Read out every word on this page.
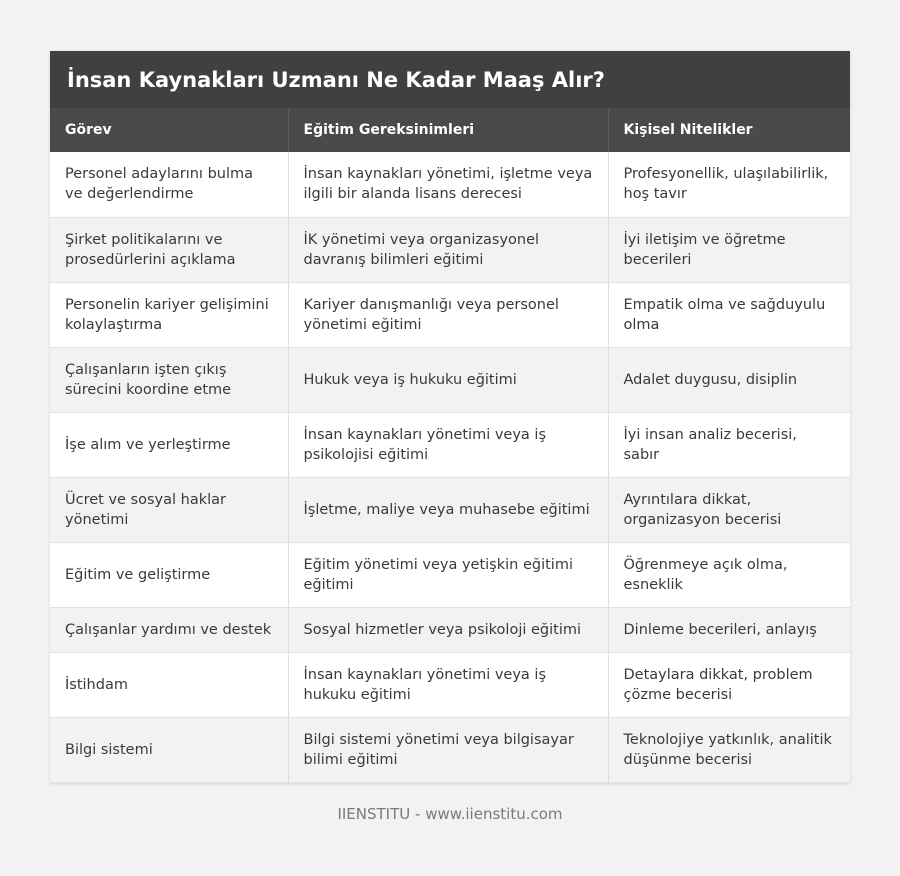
İnsan Kaynakları Uzmanı Ne Kadar Maaş Alır?
Görev	Eğitim Gereksinimleri	Kişisel Nitelikler
Personel adaylarını bulma ve değerlendirme	İnsan kaynakları yönetimi, işletme veya ilgili bir alanda lisans derecesi	Profesyonellik, ulaşılabilirlik, hoş tavır
Şirket politikalarını ve prosedürlerini açıklama	İK yönetimi veya organizasyonel davranış bilimleri eğitimi	İyi iletişim ve öğretme becerileri
Personelin kariyer gelişimini kolaylaştırma	Kariyer danışmanlığı veya personel yönetimi eğitimi	Empatik olma ve sağduyulu olma
Çalışanların işten çıkış sürecini koordine etme	Hukuk veya iş hukuku eğitimi	Adalet duygusu, disiplin
İşe alım ve yerleştirme	İnsan kaynakları yönetimi veya iş psikolojisi eğitimi	İyi insan analiz becerisi, sabır
Ücret ve sosyal haklar yönetimi	İşletme, maliye veya muhasebe eğitimi	Ayrıntılara dikkat, organizasyon becerisi
Eğitim ve geliştirme	Eğitim yönetimi veya yetişkin eğitimi eğitimi	Öğrenmeye açık olma, esneklik
Çalışanlar yardımı ve destek	Sosyal hizmetler veya psikoloji eğitimi	Dinleme becerileri, anlayış
İstihdam	İnsan kaynakları yönetimi veya iş hukuku eğitimi	Detaylara dikkat, problem çözme becerisi
Bilgi sistemi	Bilgi sistemi yönetimi veya bilgisayar bilimi eğitimi	Teknolojiye yatkınlık, analitik düşünme becerisi
IIENSTITU - www.iienstitu.com
